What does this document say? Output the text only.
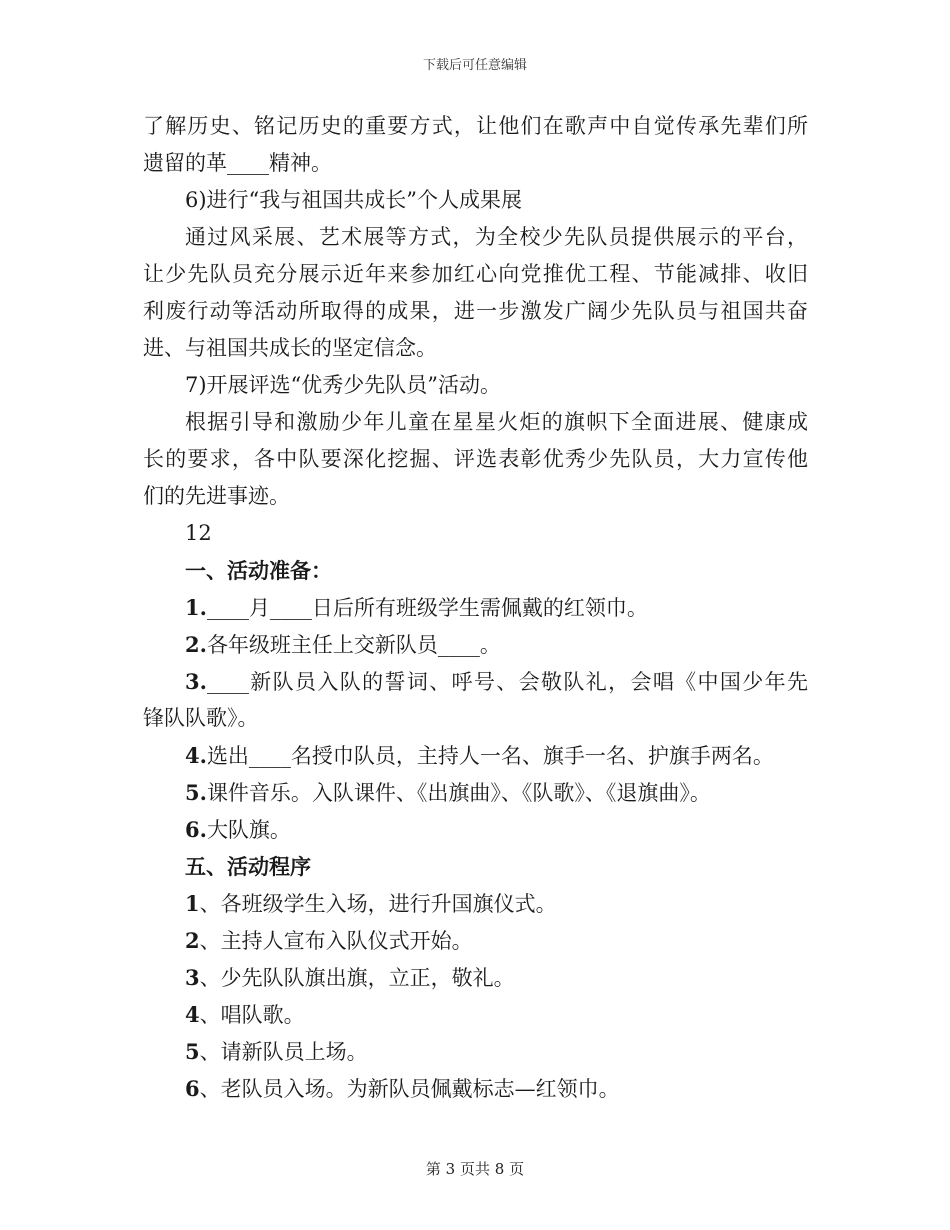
下载后可任意编辑
了解历史、铭记历史的重要方式，让他们在歌声中自觉传承先辈们所
遗留的革____精神。
6)进行“我与祖国共成长”个人成果展
通过风采展、艺术展等方式，为全校少先队员提供展示的平台，
让少先队员充分展示近年来参加红心向党推优工程、节能减排、收旧
利废行动等活动所取得的成果，进一步激发广阔少先队员与祖国共奋
进、与祖国共成长的坚定信念。
7)开展评选“优秀少先队员”活动。
根据引导和激励少年儿童在星星火炬的旗帜下全面进展、健康成
长的要求，各中队要深化挖掘、评选表彰优秀少先队员，大力宣传他
们的先进事迹。
12
一、活动准备：
1.____月____日后所有班级学生需佩戴的红领巾。
2.各年级班主任上交新队员____。
3.____新队员入队的誓词、呼号、会敬队礼，会唱《中国少年先
锋队队歌》。
4.选出____名授巾队员，主持人一名、旗手一名、护旗手两名。
5.课件音乐。入队课件、《出旗曲》、《队歌》、《退旗曲》。
6.大队旗。
五、活动程序
1、各班级学生入场，进行升国旗仪式。
2、主持人宣布入队仪式开始。
3、少先队队旗出旗，立正，敬礼。
4、唱队歌。
5、请新队员上场。
6、老队员入场。为新队员佩戴标志—红领巾。
第 3 页共 8 页
